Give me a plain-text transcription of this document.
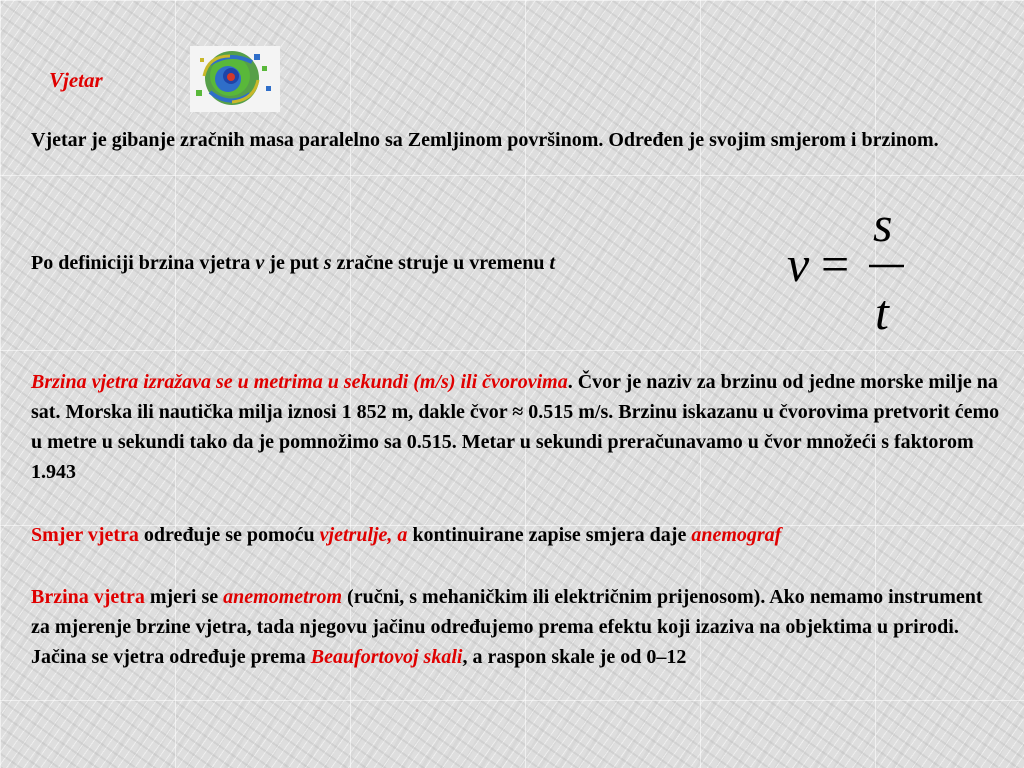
Vjetar

Vjetar je gibanje zračnih masa paralelno sa Zemljinom površinom. Određen je svojim smjerom i brzinom.

Po definiciji brzina vjetra v je put s zračne struje u vremenu t	v =
s
t

Brzina vjetra izražava se u metrima u sekundi (m/s) ili čvorovima. Čvor je naziv za brzinu od jedne morske milje na sat. Morska ili nautička milja iznosi 1 852 m, dakle čvor ≈ 0.515 m/s. Brzinu iskazanu u čvorovima pretvorit ćemo u metre u sekundi tako da je pomnožimo sa 0.515. Metar u sekundi preračunavamo u čvor množeći s faktorom 1.943

Smjer vjetra određuje se pomoću vjetrulje, a kontinuirane zapise smjera daje anemograf

Brzina vjetra mjeri se anemometrom (ručni, s mehaničkim ili električnim prijenosom). Ako nemamo instrument za mjerenje brzine vjetra, tada njegovu jačinu određujemo prema efektu koji izaziva na objektima u prirodi. Jačina se vjetra određuje prema Beaufortovoj skali, a raspon skale je od 0–12
